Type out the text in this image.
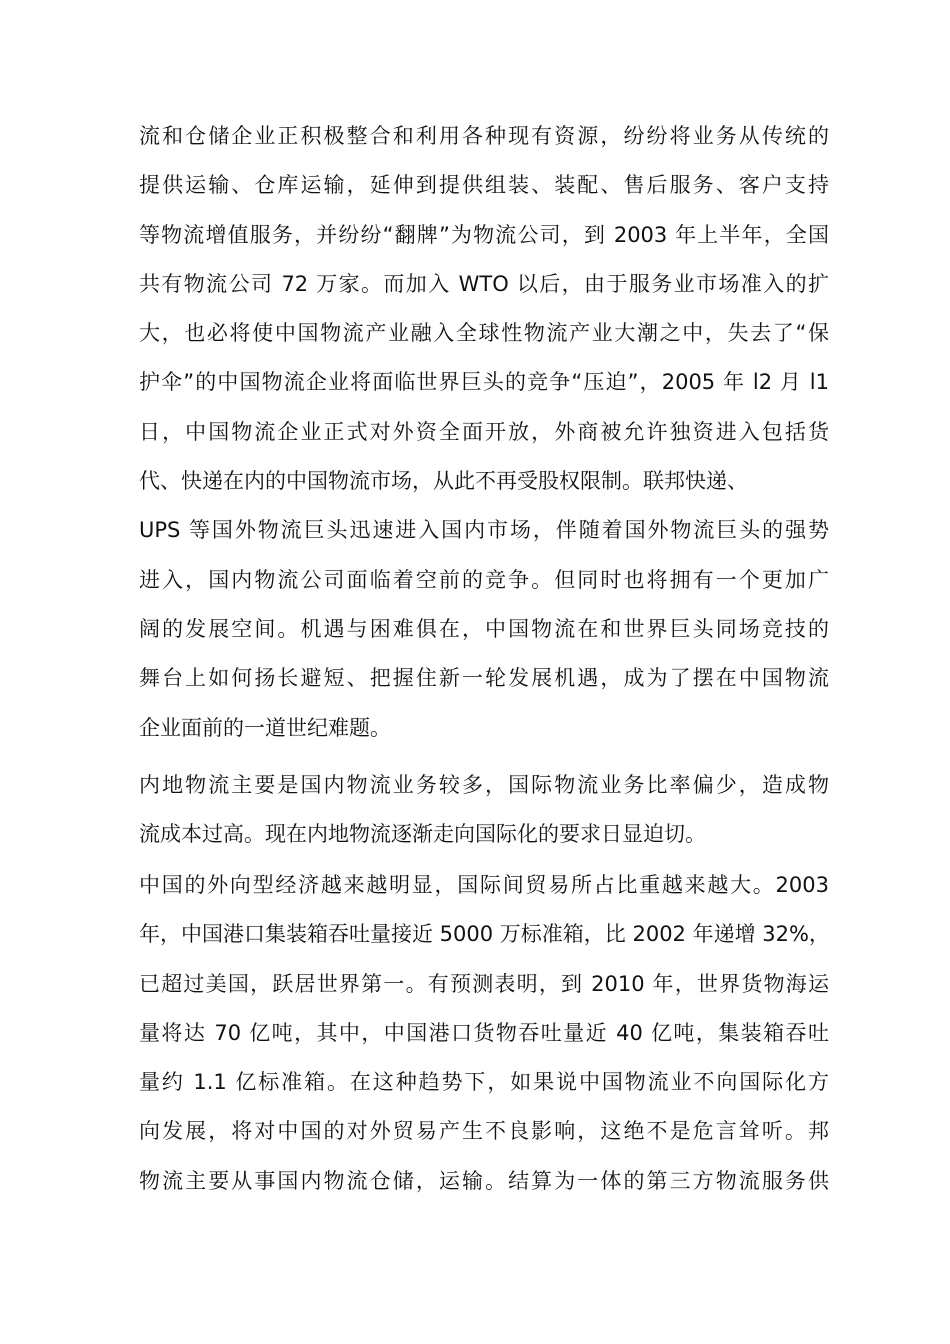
流和仓储企业正积极整合和利用各种现有资源，纷纷将业务从传统的
提供运输、仓库运输，延伸到提供组装、装配、售后服务、客户支持
等物流增值服务，并纷纷“翻牌”为物流公司，到 2003 年上半年，全国
共有物流公司 72 万家。而加入 WTO 以后，由于服务业市场准入的扩
大，也必将使中国物流产业融入全球性物流产业大潮之中，失去了“保
护伞”的中国物流企业将面临世界巨头的竞争“压迫”，2005 年 l2 月 l1
日，中国物流企业正式对外资全面开放，外商被允许独资进入包括货
代、快递在内的中国物流市场，从此不再受股权限制。联邦快递、
UPS 等国外物流巨头迅速进入国内市场，伴随着国外物流巨头的强势
进入，国内物流公司面临着空前的竞争。但同时也将拥有一个更加广
阔的发展空间。机遇与困难俱在，中国物流在和世界巨头同场竞技的
舞台上如何扬长避短、把握住新一轮发展机遇，成为了摆在中国物流
企业面前的一道世纪难题。
内地物流主要是国内物流业务较多，国际物流业务比率偏少，造成物
流成本过高。现在内地物流逐渐走向国际化的要求日显迫切。
中国的外向型经济越来越明显，国际间贸易所占比重越来越大。2003
年，中国港口集装箱吞吐量接近 5000 万标准箱，比 2002 年递增 32%，
已超过美国，跃居世界第一。有预测表明，到 2010 年，世界货物海运
量将达 70 亿吨，其中，中国港口货物吞吐量近 40 亿吨，集装箱吞吐
量约 1.1 亿标准箱。在这种趋势下，如果说中国物流业不向国际化方
向发展，将对中国的对外贸易产生不良影响，这绝不是危言耸听。邦
物流主要从事国内物流仓储，运输。结算为一体的第三方物流服务供
